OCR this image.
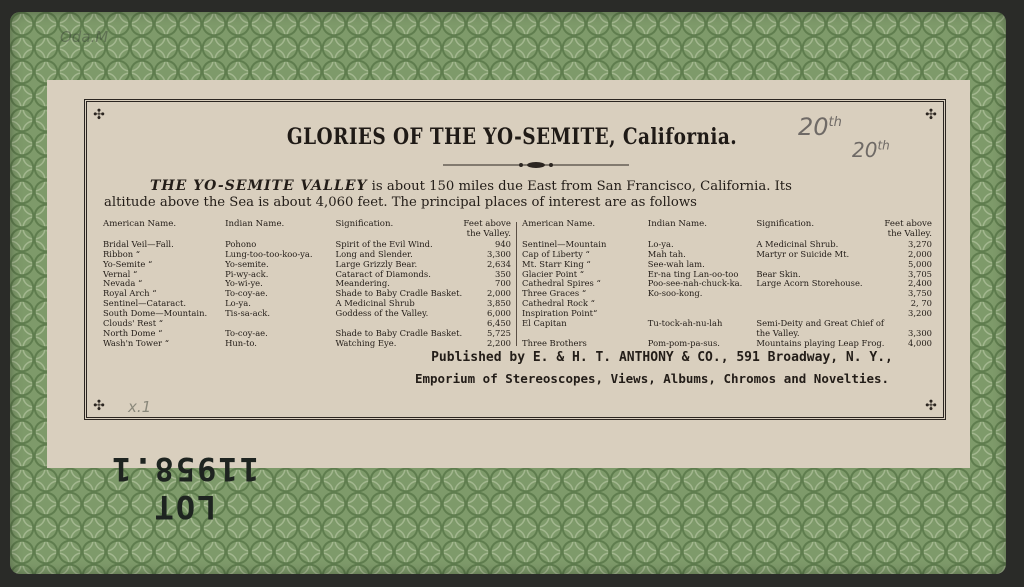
Oda.M
✣	✣
✣	✣
GLORIES OF THE YO-SEMITE, California.	20th
20th
THE YO-SEMITE VALLEY is about 150 miles due East from San Francisco, California. Its
altitude above the Sea is about 4,060 feet. The principal places of interest are as follows
American Name.	Indian Name.	Signification.	Feet above
the Valley.

Bridal Veil—Fall.	Pohono	Spirit of the Evil Wind.	940
Ribbon “	Lung-too-too-koo-ya.	Long and Slender.	3,300
Yo-Semite “	Yo-semite.	Large Grizzly Bear.	2,634
Vernal “	Pi-wy-ack.	Cataract of Diamonds.	350
Nevada “	Yo-wi-ye.	Meandering.	700
Royal Arch “	To-coy-ae.	Shade to Baby Cradle Basket.	2,000
Sentinel—Cataract.	Lo-ya.	A Medicinal Shrub	3,850
South Dome—Mountain.	Tis-sa-ack.	Goddess of the Valley.	6,000
Clouds' Rest “			6,450
North Dome “	To-coy-ae.	Shade to Baby Cradle Basket.	5,725
Wash'n Tower “	Hun-to.	Watching Eye.	2,200
American Name.	Indian Name.	Signification.	Feet above
the Valley.

Sentinel—Mountain	Lo-ya.	A Medicinal Shrub.	3,270
Cap of Liberty “	Mah tah.	Martyr or Suicide Mt.	2,000
Mt. Starr King “	See-wah lam.		5,000
Glacier Point “	Er-na ting Lan-oo-too	Bear Skin.	3,705
Cathedral Spires “	Poo-see-nah-chuck-ka.	Large Acorn Storehouse.	2,400
Three Graces “	Ko-soo-kong.		3,750
Cathedral Rock “			2, 70
Inspiration Point“			3,200
El Capitan	Tu-tock-ah-nu-lah	Semi-Deity and Great Chief of	
		the Valley.	3,300
Three Brothers	Pom-pom-pa-sus.	Mountains playing Leap Frog.	4,000
Published by E. & H. T. ANTHONY & CO., 591 Broadway, N. Y.,
Emporium of Stereoscopes, Views, Albums, Chromos and Novelties.
x.1
LOT 11958.1
